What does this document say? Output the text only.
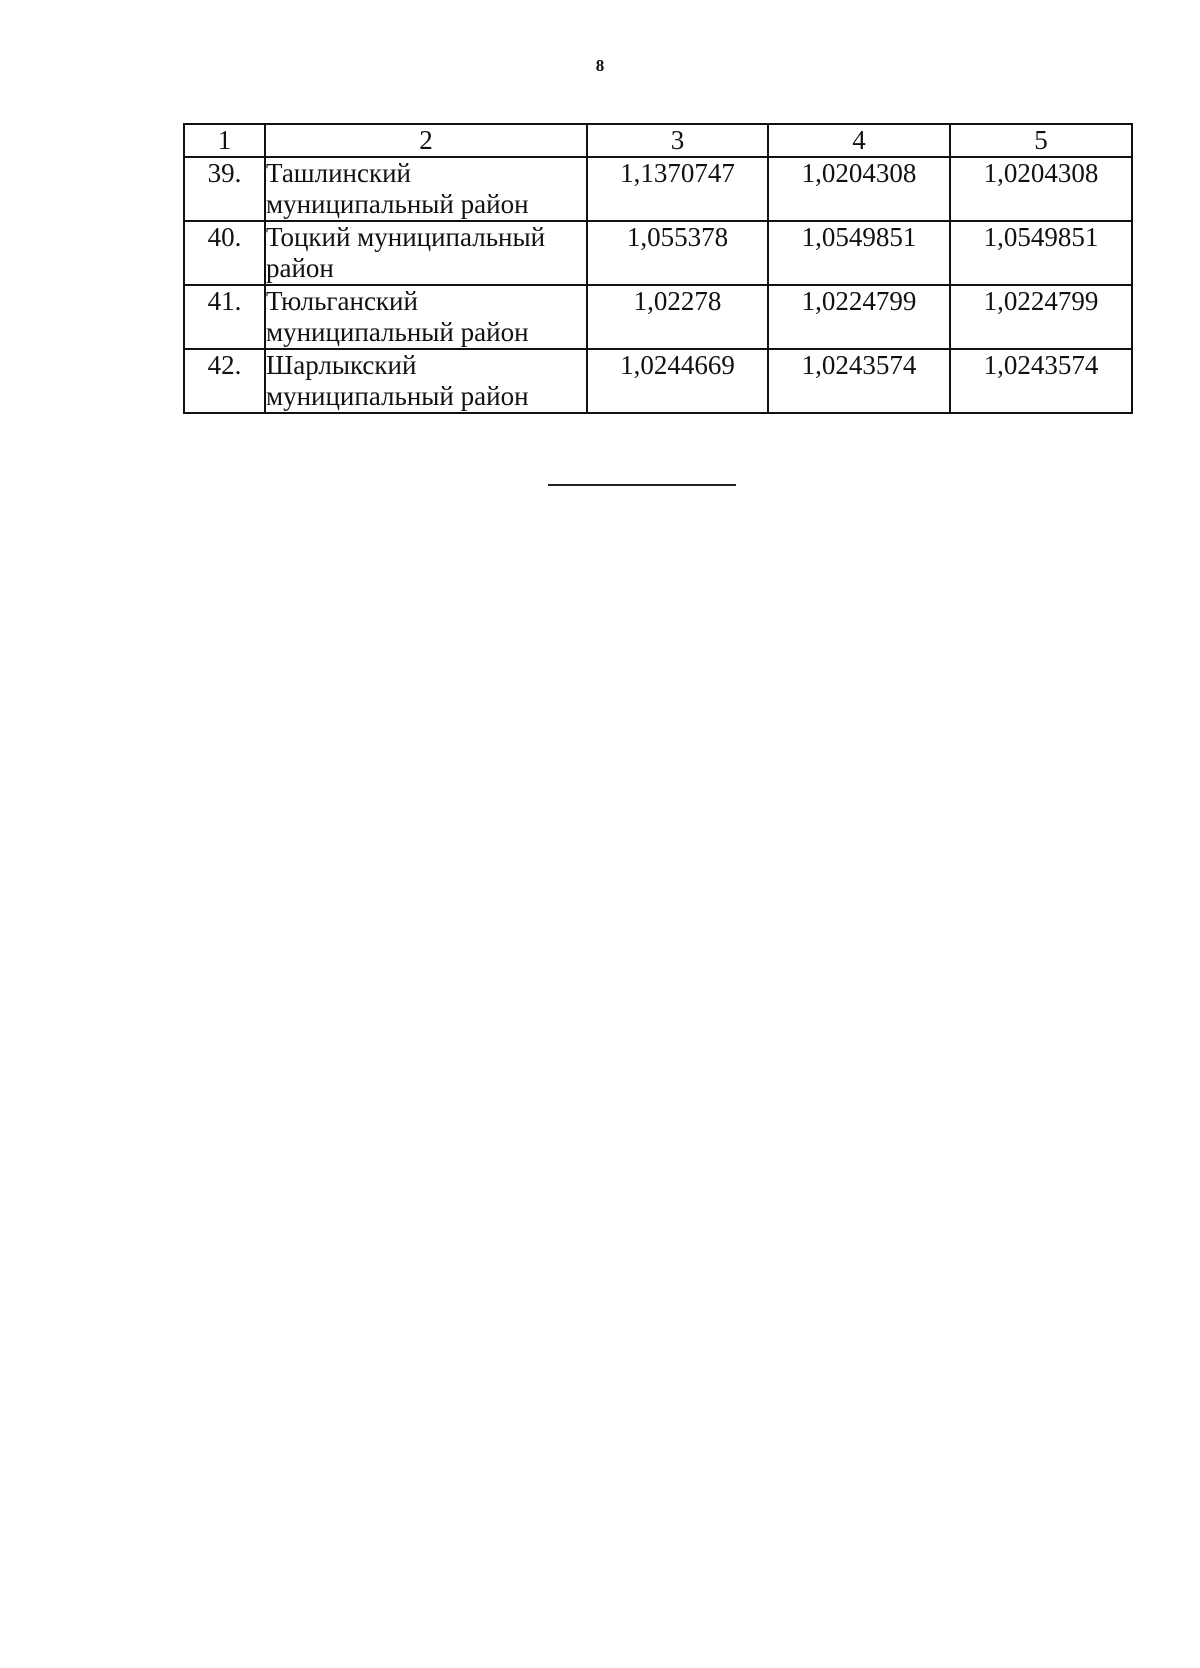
8
1	2	3	4	5
39.	Ташлинский муниципальный район	1,1370747	1,0204308	1,0204308
40.	Тоцкий муниципальный район	1,055378	1,0549851	1,0549851
41.	Тюльганский муниципальный район	1,02278	1,0224799	1,0224799
42.	Шарлыкский муниципальный район	1,0244669	1,0243574	1,0243574
